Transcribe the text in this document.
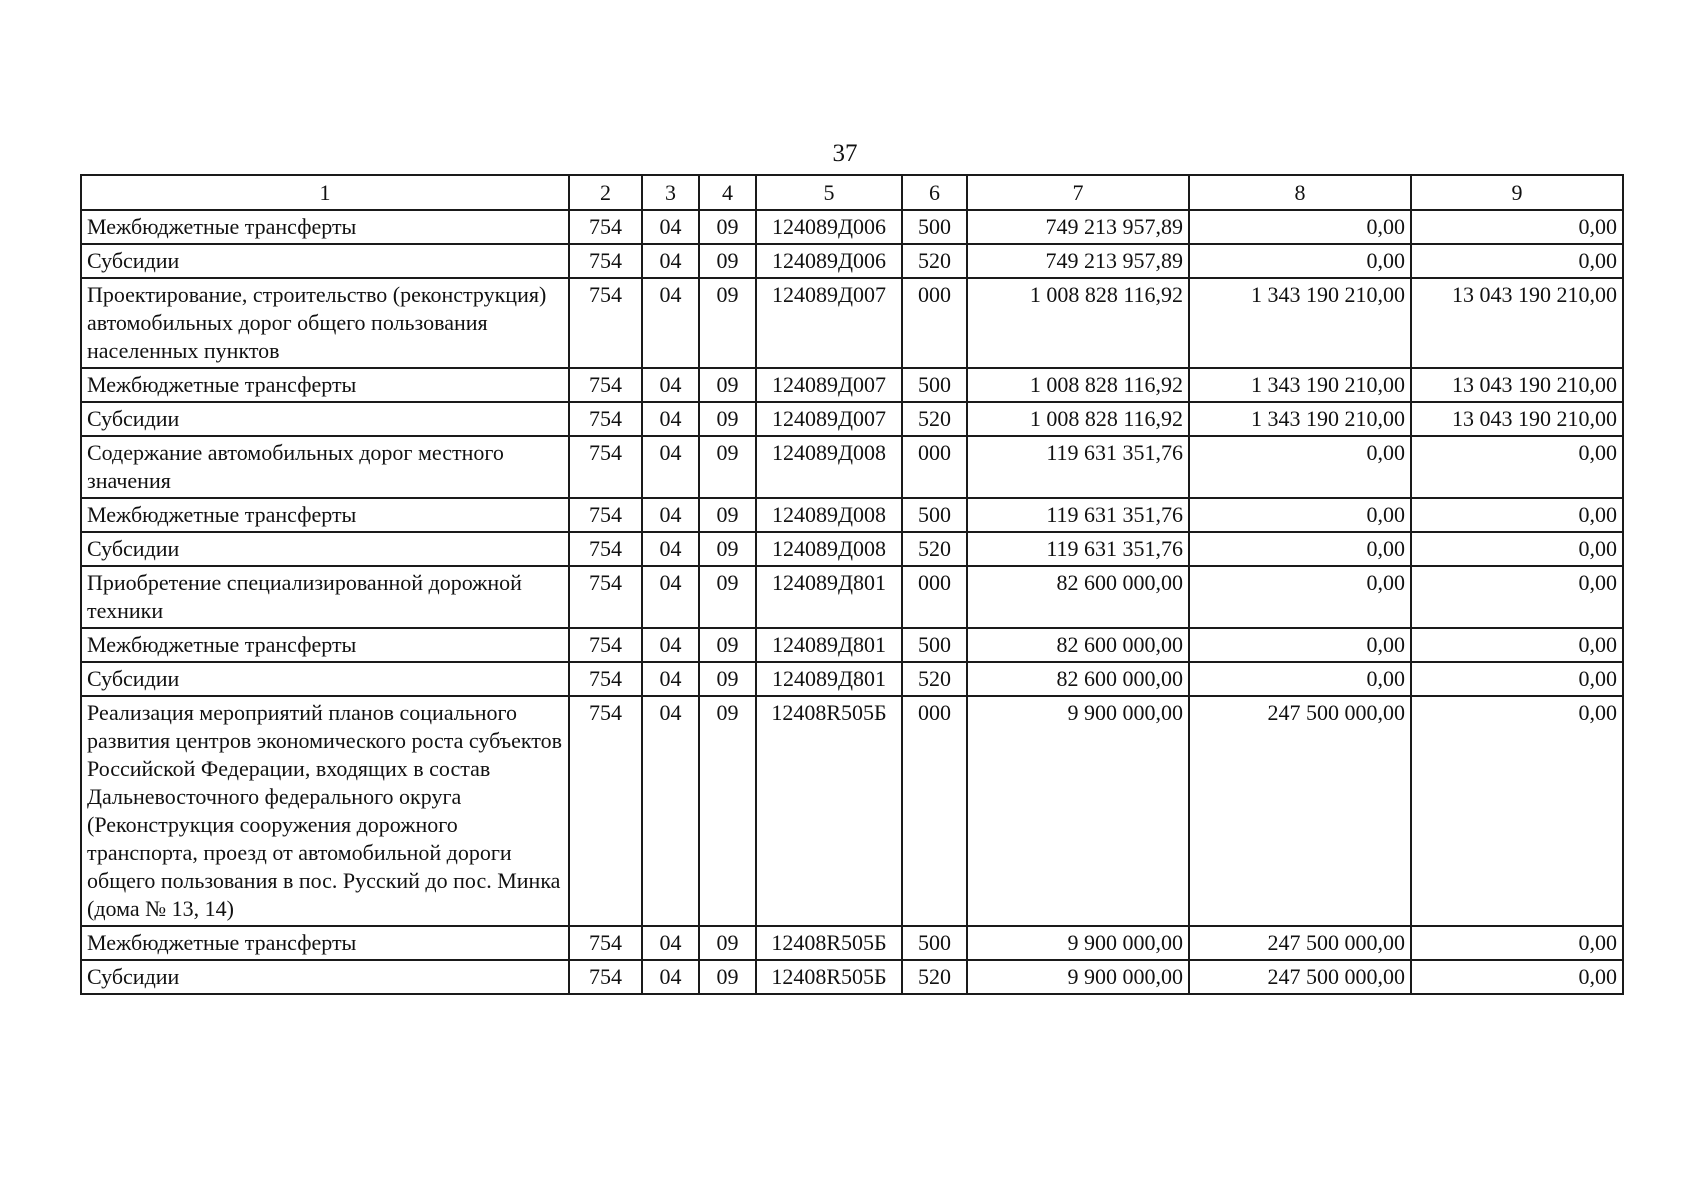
37
1	2	3	4	5	6	7	8	9
Межбюджетные трансферты	754	04	09	124089Д006	500	749 213 957,89	0,00	0,00
Субсидии	754	04	09	124089Д006	520	749 213 957,89	0,00	0,00
Проектирование, строительство (реконструкция) автомобильных дорог общего пользования населенных пунктов	754	04	09	124089Д007	000	1 008 828 116,92	1 343 190 210,00	13 043 190 210,00
Межбюджетные трансферты	754	04	09	124089Д007	500	1 008 828 116,92	1 343 190 210,00	13 043 190 210,00
Субсидии	754	04	09	124089Д007	520	1 008 828 116,92	1 343 190 210,00	13 043 190 210,00
Содержание автомобильных дорог местного значения	754	04	09	124089Д008	000	119 631 351,76	0,00	0,00
Межбюджетные трансферты	754	04	09	124089Д008	500	119 631 351,76	0,00	0,00
Субсидии	754	04	09	124089Д008	520	119 631 351,76	0,00	0,00
Приобретение специализированной дорожной техники	754	04	09	124089Д801	000	82 600 000,00	0,00	0,00
Межбюджетные трансферты	754	04	09	124089Д801	500	82 600 000,00	0,00	0,00
Субсидии	754	04	09	124089Д801	520	82 600 000,00	0,00	0,00
Реализация мероприятий планов социального развития центров экономического роста субъектов Российской Федерации, входящих в состав Дальневосточного федерального округа (Реконструкция сооружения дорожного транспорта, проезд от автомобильной дороги общего пользования в пос. Русский до пос. Минка (дома № 13, 14)	754	04	09	12408R505Б	000	9 900 000,00	247 500 000,00	0,00
Межбюджетные трансферты	754	04	09	12408R505Б	500	9 900 000,00	247 500 000,00	0,00
Субсидии	754	04	09	12408R505Б	520	9 900 000,00	247 500 000,00	0,00
